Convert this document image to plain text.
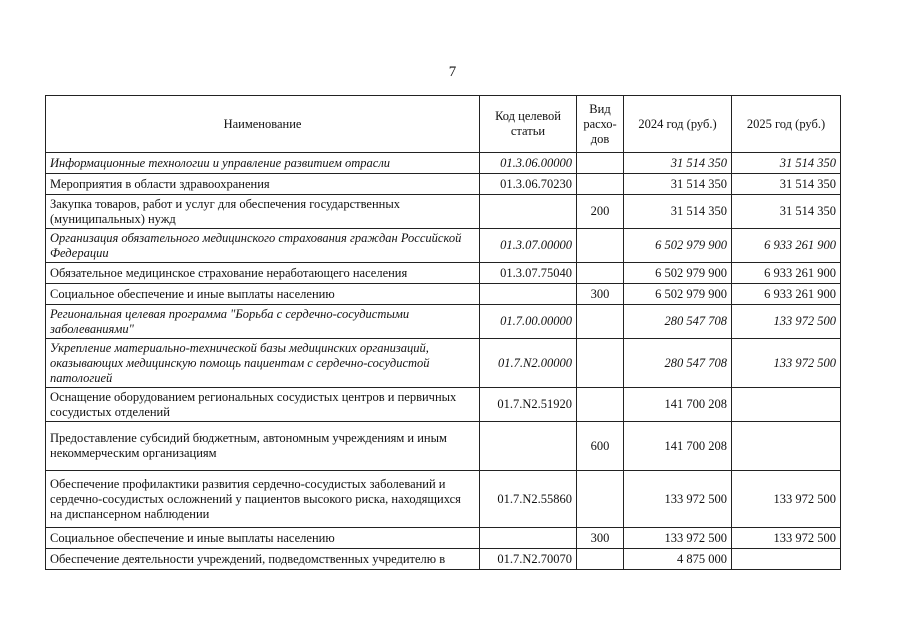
7
Наименование	Код целевой статьи	Вид расхо-дов	2024 год (руб.)	2025 год (руб.)
Информационные технологии и управление развитием отрасли	01.3.06.00000		31 514 350	31 514 350
Мероприятия в области здравоохранения	01.3.06.70230		31 514 350	31 514 350
Закупка товаров, работ и услуг для обеспечения государственных (муниципальных) нужд		200	31 514 350	31 514 350
Организация обязательного медицинского страхования граждан Российской Федерации	01.3.07.00000		6 502 979 900	6 933 261 900
Обязательное медицинское страхование неработающего населения	01.3.07.75040		6 502 979 900	6 933 261 900
Социальное обеспечение и иные выплаты населению		300	6 502 979 900	6 933 261 900
Региональная целевая программа "Борьба с сердечно-сосудистыми заболеваниями"	01.7.00.00000		280 547 708	133 972 500
Укрепление материально-технической базы медицинских организаций, оказывающих медицинскую помощь пациентам с сердечно-сосудистой патологией	01.7.N2.00000		280 547 708	133 972 500
Оснащение оборудованием региональных сосудистых центров и первичных сосудистых отделений	01.7.N2.51920		141 700 208	
Предоставление субсидий бюджетным, автономным учреждениям и иным некоммерческим организациям		600	141 700 208	
Обеспечение профилактики развития сердечно-сосудистых заболеваний и сердечно-сосудистых осложнений у пациентов высокого риска, находящихся на диспансерном наблюдении	01.7.N2.55860		133 972 500	133 972 500
Социальное обеспечение и иные выплаты населению		300	133 972 500	133 972 500
Обеспечение деятельности учреждений, подведомственных учредителю в	01.7.N2.70070		4 875 000	
